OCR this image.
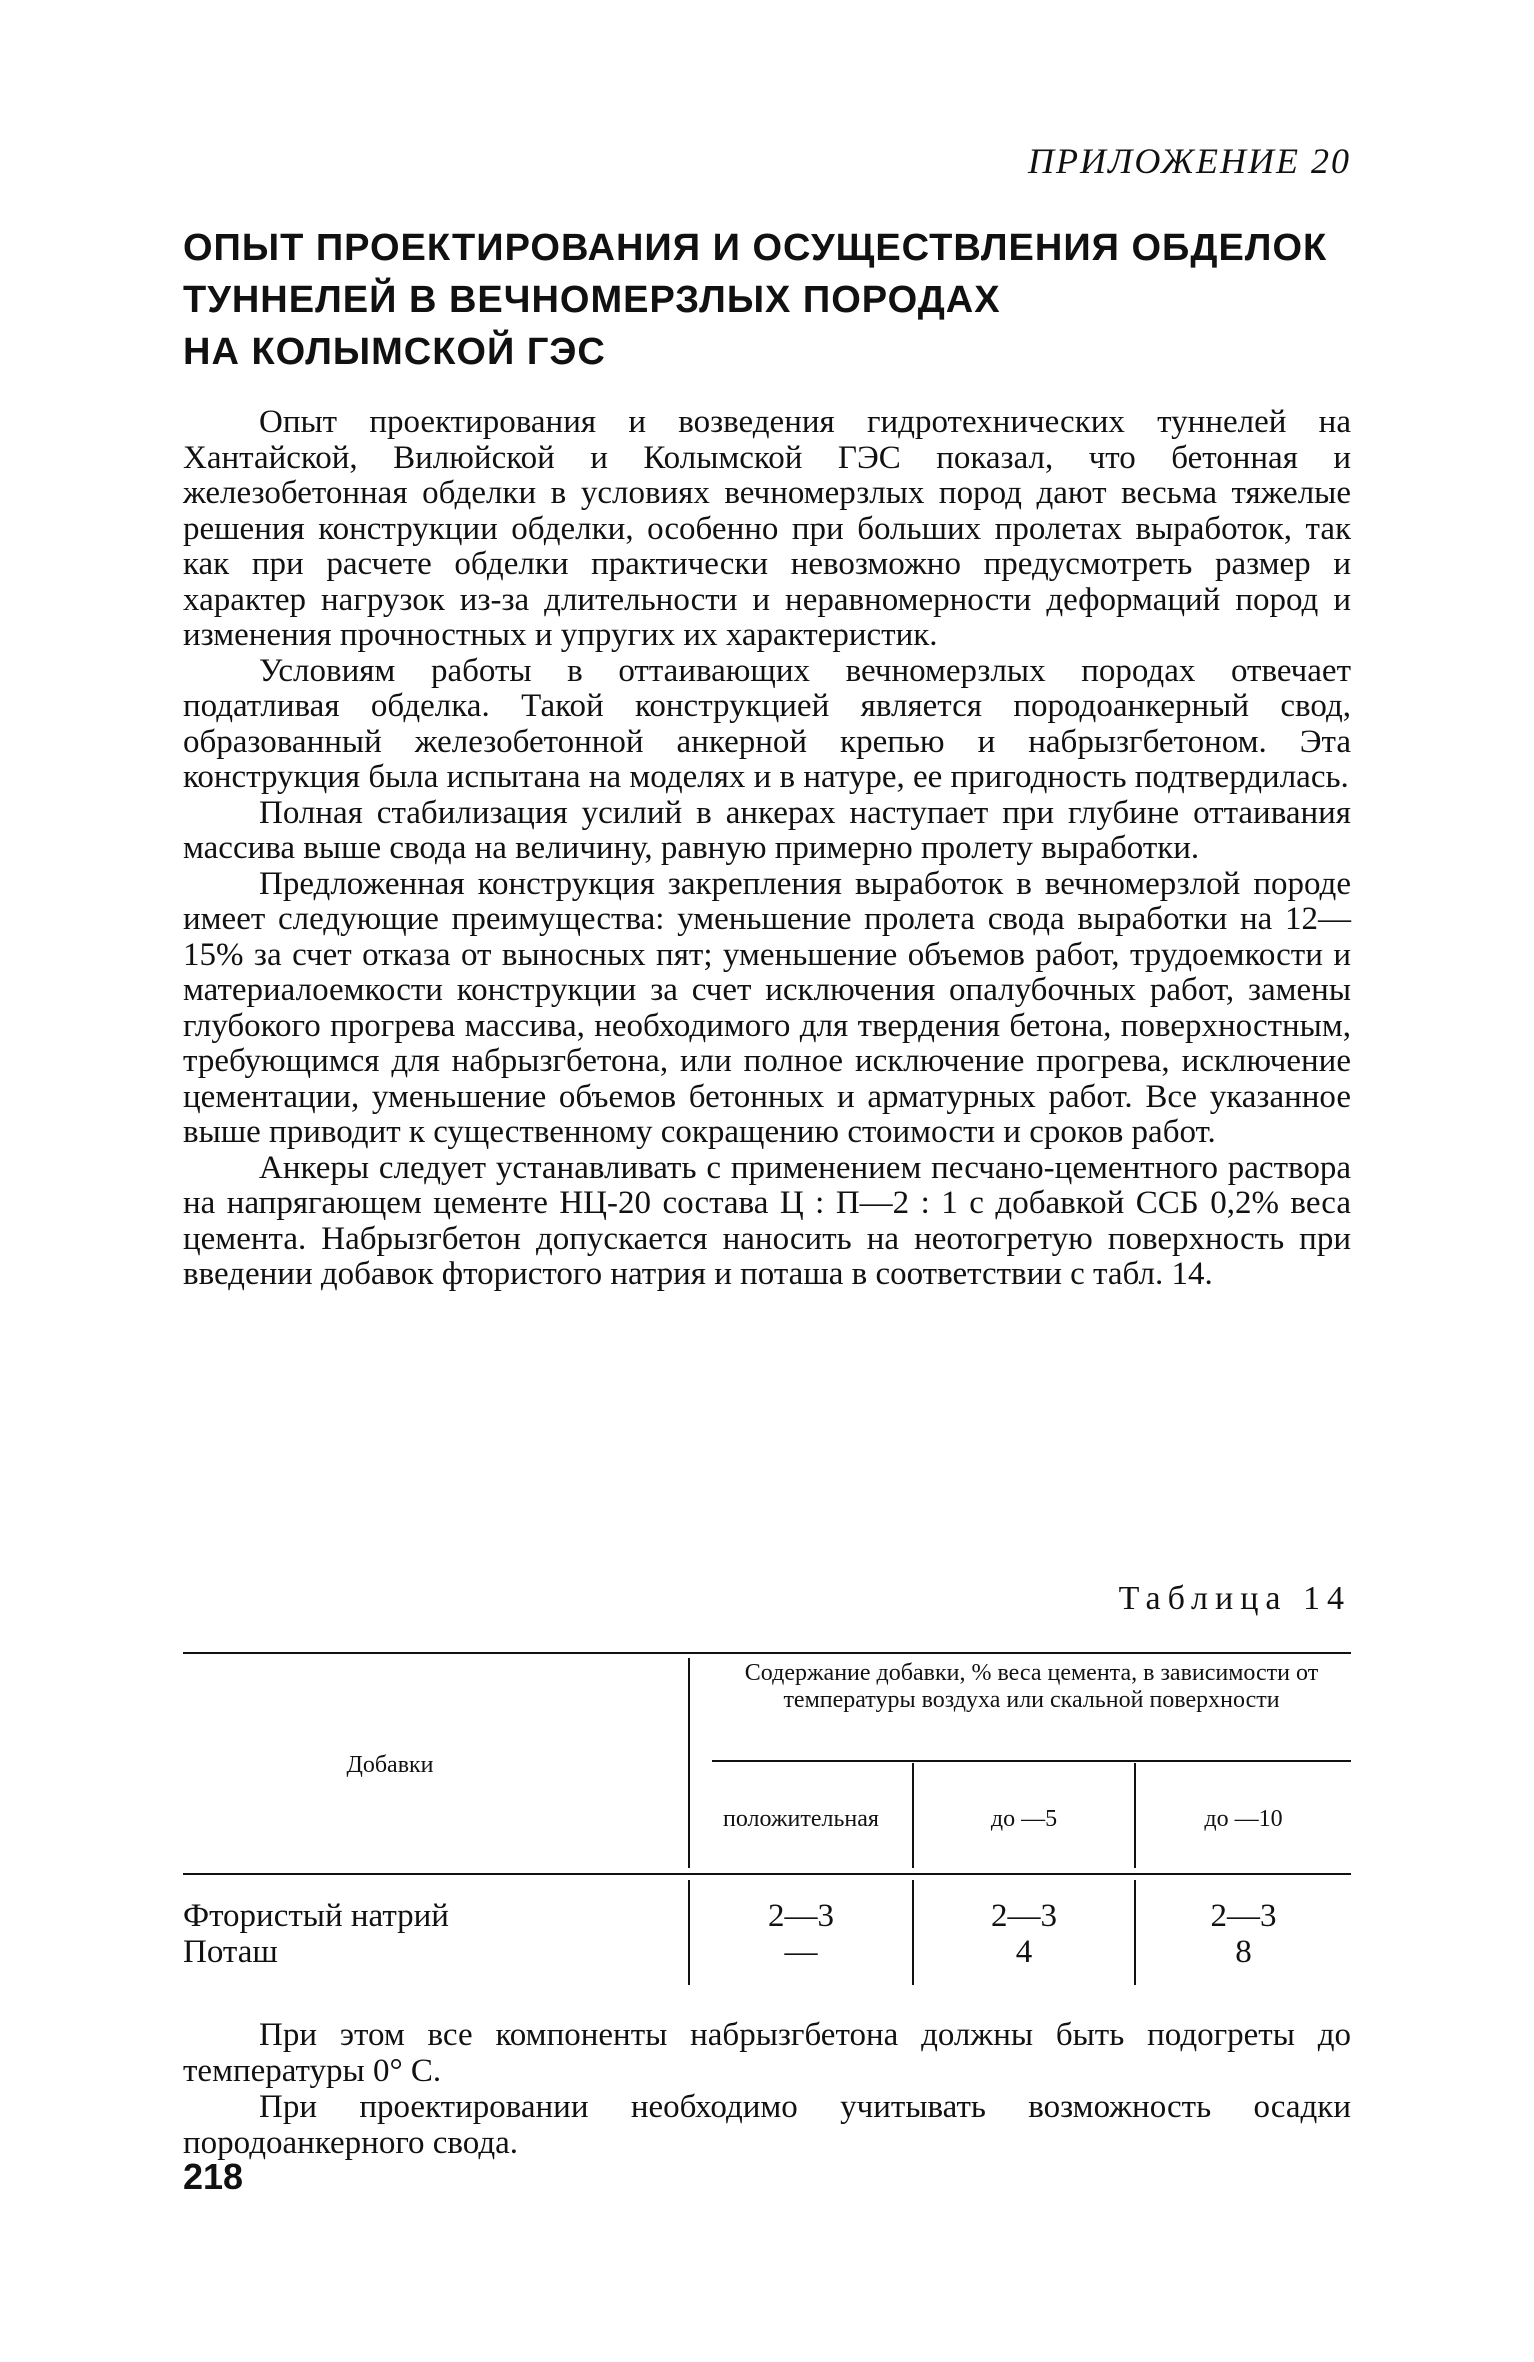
ПРИЛОЖЕНИЕ 20
ОПЫТ ПРОЕКТИРОВАНИЯ И ОСУЩЕСТВЛЕНИЯ ОБДЕЛОК
ТУННЕЛЕЙ В ВЕЧНОМЕРЗЛЫХ ПОРОДАХ
НА КОЛЫМСКОЙ ГЭС

Опыт проектирования и возведения гидротехнических туннелей на Хантайской, Вилюйской и Колымской ГЭС показал, что бетонная и железобетонная обделки в условиях вечномерзлых пород дают весьма тяжелые решения конструкции обделки, особенно при больших пролетах выработок, так как при расчете обделки практически невозможно предусмотреть размер и характер нагрузок из-за длительности и неравномерности деформаций пород и изменения прочностных и упругих их характеристик.

Условиям работы в оттаивающих вечномерзлых породах отвечает податливая обделка. Такой конструкцией является породоанкерный свод, образованный железобетонной анкерной крепью и набрызгбетоном. Эта конструкция была испытана на моделях и в натуре, ее пригодность подтвердилась.

Полная стабилизация усилий в анкерах наступает при глубине оттаивания массива выше свода на величину, равную примерно пролету выработки.

Предложенная конструкция закрепления выработок в вечномерзлой породе имеет следующие преимущества: уменьшение пролета свода выработки на 12—15% за счет отказа от выносных пят; уменьшение объемов работ, трудоемкости и материалоемкости конструкции за счет исключения опалубочных работ, замены глубокого прогрева массива, необходимого для твердения бетона, поверхностным, требующимся для набрызгбетона, или полное исключение прогрева, исключение цементации, уменьшение объемов бетонных и арматурных работ. Все указанное выше приводит к существенному сокращению стоимости и сроков работ.

Анкеры следует устанавливать с применением песчано-цементного раствора на напрягающем цементе НЦ-20 состава Ц : П—2 : 1 с добавкой ССБ 0,2% веса цемента. Набрызгбетон допускается наносить на неотогретую поверхность при введении добавок фтористого натрия и поташа в соответствии с табл. 14.

Таблица 14
Добавки
Содержание добавки, % веса цемента, в зависимости от температуры воздуха или скальной поверхности
положительная	до —5	до —10
Фтористый натрий	2—3	2—3	2—3
Поташ	—	4	8

При этом все компоненты набрызгбетона должны быть подогреты до температуры 0° С.

При проектировании необходимо учитывать возможность осадки породоанкерного свода.

218
